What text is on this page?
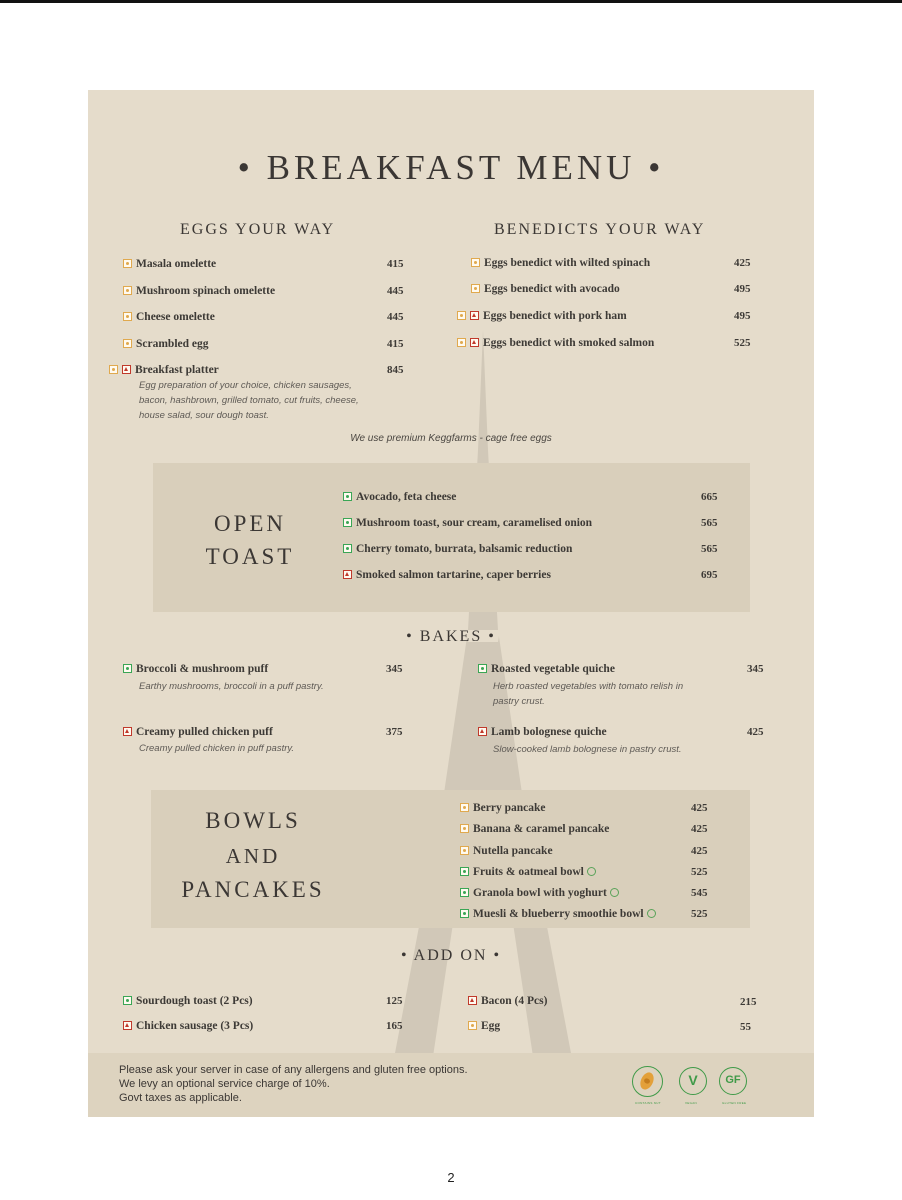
• BREAKFAST MENU •
EGGS YOUR WAY
Masala omelette	415
Mushroom spinach omelette	445
Cheese omelette	445
Scrambled egg	415
Breakfast platter	845
Egg preparation of your choice, chicken sausages, bacon, hashbrown, grilled tomato, cut fruits, cheese, house salad, sour dough toast.
BENEDICTS YOUR WAY
Eggs benedict with wilted spinach	425
Eggs benedict with avocado	495
Eggs benedict with pork ham	495
Eggs benedict with smoked salmon	525
We use premium Keggfarms - cage free eggs
OPEN
TOAST
Avocado, feta cheese	665
Mushroom toast, sour cream, caramelised onion	565
Cherry tomato, burrata, balsamic reduction	565
Smoked salmon tartarine, caper berries	695
• BAKES •
Broccoli & mushroom puff	345
Earthy mushrooms, broccoli in a puff pastry.
Roasted vegetable quiche	345
Herb roasted vegetables with tomato relish in pastry crust.
Creamy pulled chicken puff	375
Creamy pulled chicken in puff pastry.
Lamb bolognese quiche	425
Slow-cooked lamb bolognese in pastry crust.
BOWLS
AND
PANCAKES
Berry pancake	425
Banana & caramel pancake	425
Nutella pancake	425
Fruits & oatmeal bowl	525
Granola bowl with yoghurt	545
Muesli & blueberry smoothie bowl	525
• ADD ON •
Sourdough toast (2 Pcs)	125	Bacon (4 Pcs)	215
Chicken sausage (3 Pcs)	165	Egg	55
Please ask your server in case of any allergens and gluten free options.
We levy an optional service charge of 10%.
Govt taxes as applicable.
V	GF
CONTAINS NUT	VEGAN	GLUTEN FREE
2
